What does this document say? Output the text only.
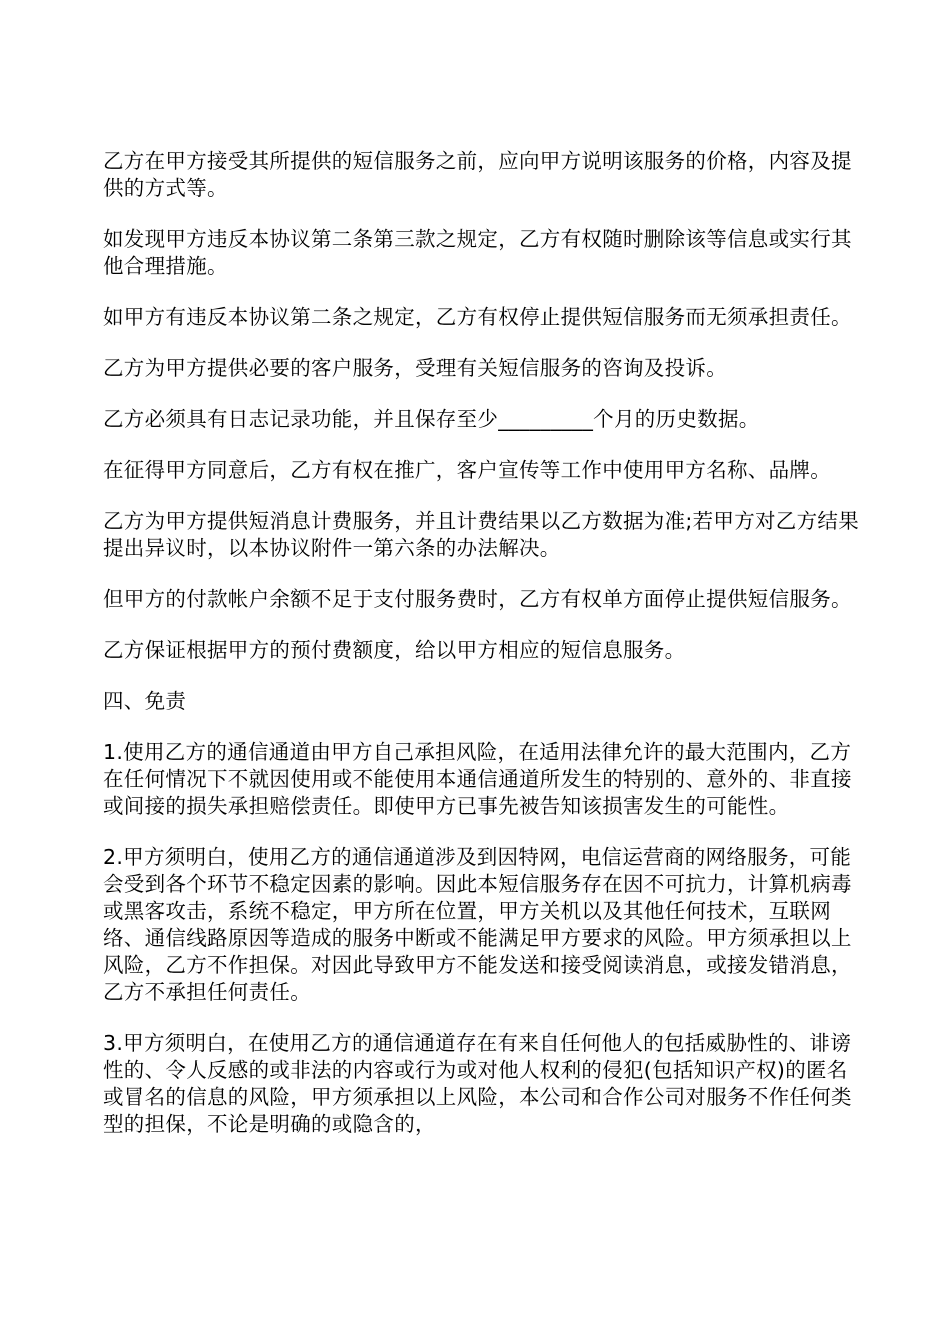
乙方在甲方接受其所提供的短信服务之前，应向甲方说明该服务的价格，内容及提供的方式等。

如发现甲方违反本协议第二条第三款之规定，乙方有权随时删除该等信息或实行其他合理措施。

如甲方有违反本协议第二条之规定，乙方有权停止提供短信服务而无须承担责任。

乙方为甲方提供必要的客户服务，受理有关短信服务的咨询及投诉。

乙方必须具有日志记录功能，并且保存至少_________个月的历史数据。

在征得甲方同意后，乙方有权在推广，客户宣传等工作中使用甲方名称、品牌。

乙方为甲方提供短消息计费服务，并且计费结果以乙方数据为准;若甲方对乙方结果提出异议时，以本协议附件一第六条的办法解决。

但甲方的付款帐户余额不足于支付服务费时，乙方有权单方面停止提供短信服务。

乙方保证根据甲方的预付费额度，给以甲方相应的短信息服务。

四、免责

1.使用乙方的通信通道由甲方自己承担风险，在适用法律允许的最大范围内，乙方在任何情况下不就因使用或不能使用本通信通道所发生的特别的、意外的、非直接或间接的损失承担赔偿责任。即使甲方已事先被告知该损害发生的可能性。

2.甲方须明白，使用乙方的通信通道涉及到因特网，电信运营商的网络服务，可能会受到各个环节不稳定因素的影响。因此本短信服务存在因不可抗力，计算机病毒或黑客攻击，系统不稳定，甲方所在位置，甲方关机以及其他任何技术，互联网络、通信线路原因等造成的服务中断或不能满足甲方要求的风险。甲方须承担以上风险，乙方不作担保。对因此导致甲方不能发送和接受阅读消息，或接发错消息，乙方不承担任何责任。

3.甲方须明白，在使用乙方的通信通道存在有来自任何他人的包括威胁性的、诽谤性的、令人反感的或非法的内容或行为或对他人权利的侵犯(包括知识产权)的匿名或冒名的信息的风险，甲方须承担以上风险，本公司和合作公司对服务不作任何类型的担保，不论是明确的或隐含的，
